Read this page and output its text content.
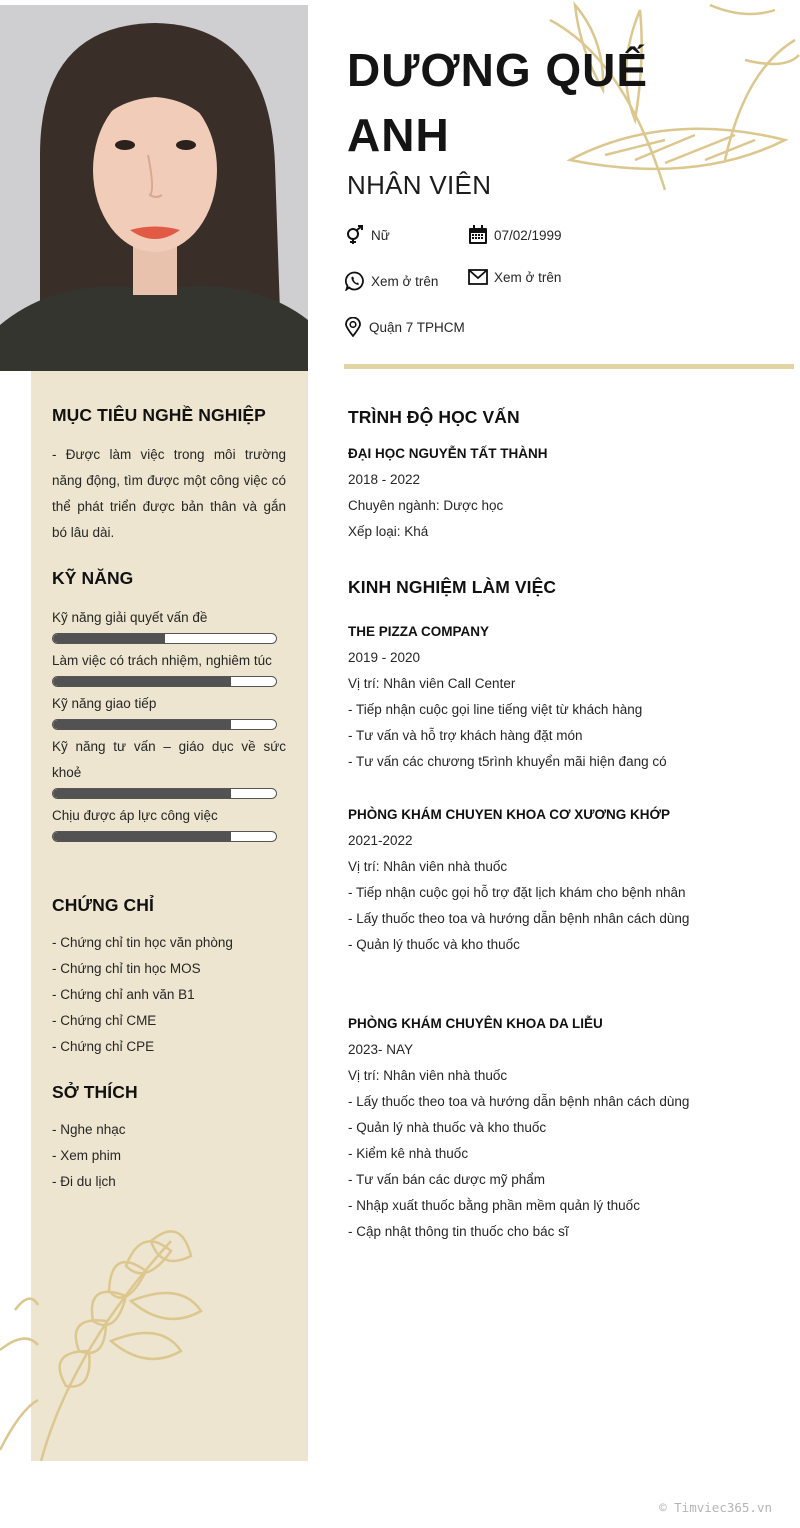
DƯƠNG QUẾ ANH
NHÂN VIÊN
Nữ	07/02/1999
Xem ở trên	Xem ở trên
Quận 7 TPHCM
MỤC TIÊU NGHỀ NGHIỆP
- Được làm việc trong môi trường năng động, tìm được một công việc có thể phát triển được bản thân và gắn bó lâu dài.
KỸ NĂNG
Kỹ năng giải quyết vấn đề
Làm việc có trách nhiệm, nghiêm túc
Kỹ năng giao tiếp
Kỹ năng tư vấn – giáo dục về sức khoẻ
Chịu được áp lực công việc
CHỨNG CHỈ
- Chứng chỉ tin học văn phòng
- Chứng chỉ tin học MOS
- Chứng chỉ anh văn B1
- Chứng chỉ CME
- Chứng chỉ CPE
SỞ THÍCH
- Nghe nhạc
- Xem phim
- Đi du lịch
TRÌNH ĐỘ HỌC VẤN
ĐẠI HỌC NGUYỄN TẤT THÀNH
2018 - 2022
Chuyên ngành: Dược học
Xếp loại: Khá
KINH NGHIỆM LÀM VIỆC
THE PIZZA COMPANY
2019 - 2020
Vị trí: Nhân viên Call Center
- Tiếp nhận cuộc gọi line tiếng việt từ khách hàng
- Tư vấn và hỗ trợ khách hàng đặt món
- Tư vấn các chương t5rình khuyển mãi hiện đang có
PHÒNG KHÁM CHUYEN KHOA CƠ XƯƠNG KHỚP
2021-2022
Vị trí: Nhân viên nhà thuốc
- Tiếp nhận cuộc gọi hỗ trợ đặt lịch khám cho bệnh nhân
- Lấy thuốc theo toa và hướng dẫn bệnh nhân cách dùng
- Quản lý thuốc và kho thuốc
PHÒNG KHÁM CHUYÊN KHOA DA LIỄU
2023- NAY
Vị trí: Nhân viên nhà thuốc
- Lấy thuốc theo toa và hướng dẫn bệnh nhân cách dùng
- Quản lý nhà thuốc và kho thuốc
- Kiểm kê nhà thuốc
- Tư vấn bán các dược mỹ phẩm
- Nhập xuất thuốc bằng phần mềm quản lý thuốc
- Cập nhật thông tin thuốc cho bác sĩ
© Timviec365.vn
